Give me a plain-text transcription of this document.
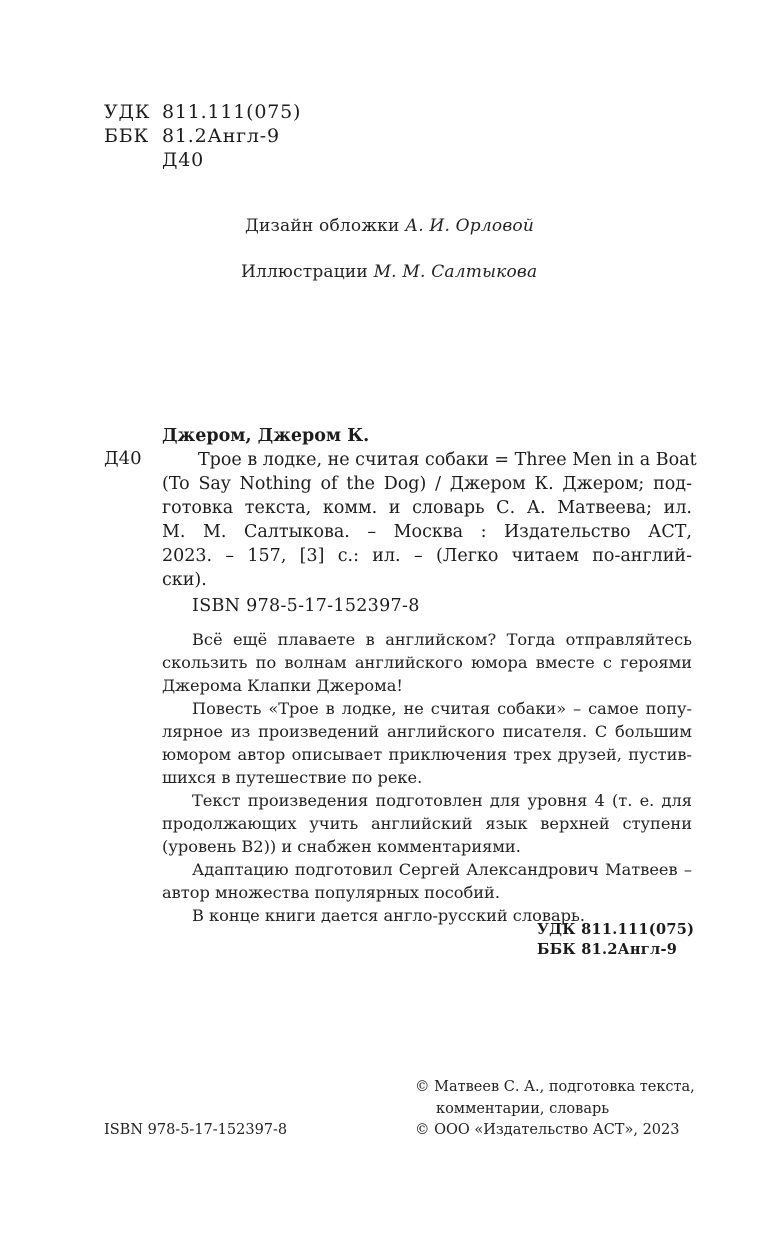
УДК 811.111(075)
ББК 81.2Англ-9
Д40
Дизайн обложки А. И. Орловой
Иллюстрации М. М. Салтыкова
Д40
Джером, Джером К.
Трое в лодке, не считая собаки = Three Men in a Boat
(To Say Nothing of the Dog) / Джером К. Джером; под-
готовка текста, комм. и словарь С. А. Матвеева; ил.
М. М. Салтыкова. – Москва : Издательство АСТ,
2023. – 157, [3] с.: ил. – (Легко читаем по-англий-
ски).
ISBN 978-5-17-152397-8
Всё ещё плаваете в английском? Тогда отправляйтесь
скользить по волнам английского юмора вместе с героями
Джерома Клапки Джерома!
Повесть «Трое в лодке, не считая собаки» – самое попу-
лярное из произведений английского писателя. С большим
юмором автор описывает приключения трех друзей, пустив-
шихся в путешествие по реке.
Текст произведения подготовлен для уровня 4 (т. е. для
продолжающих учить английский язык верхней ступени
(уровень B2)) и снабжен комментариями.
Адаптацию подготовил Сергей Александрович Матвеев –
автор множества популярных пособий.
В конце книги дается англо-русский словарь.
УДК 811.111(075)
ББК 81.2Англ-9
© Матвеев С. А., подготовка текста,
комментарии, словарь
© ООО «Издательство АСТ», 2023
ISBN 978-5-17-152397-8
